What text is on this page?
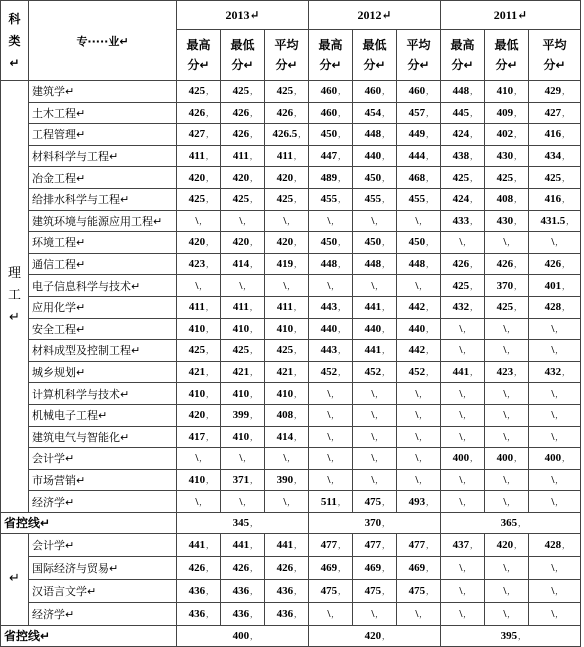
科
类↵	专·····业↵	2013↵			2012↵			2011↵		
		最高
分↵	最低
分↵	平均
分↵	最高
分↵	最低
分↵	平均
分↵	最高
分↵	最低
分↵	平均
分↵
理
工↵	建筑学↵	425,	425,	425,	460,	460,	460,	448,	410,	429,
	土木工程↵	426,	426,	426,	460,	454,	457,	445,	409,	427,
	工程管理↵	427,	426,	426.5,	450,	448,	449,	424,	402,	416,
	材料科学与工程↵	411,	411,	411,	447,	440,	444,	438,	430,	434,
	冶金工程↵	420,	420,	420,	489,	450,	468,	425,	425,	425,
	给排水科学与工程↵	425,	425,	425,	455,	455,	455,	424,	408,	416,
	建筑环境与能源应用工程↵	\,	\,	\,	\,	\,	\,	433,	430,	431.5,
	环境工程↵	420,	420,	420,	450,	450,	450,	\,	\,	\,
	通信工程↵	423,	414,	419,	448,	448,	448,	426,	426,	426,
	电子信息科学与技术↵	\,	\,	\,	\,	\,	\,	425,	370,	401,
	应用化学↵	411,	411,	411,	443,	441,	442,	432,	425,	428,
	安全工程↵	410,	410,	410,	440,	440,	440,	\,	\,	\,
	材料成型及控制工程↵	425,	425,	425,	443,	441,	442,	\,	\,	\,
	城乡规划↵	421,	421,	421,	452,	452,	452,	441,	423,	432,
	计算机科学与技术↵	410,	410,	410,	\,	\,	\,	\,	\,	\,
	机械电子工程↵	420,	399,	408,	\,	\,	\,	\,	\,	\,
	建筑电气与智能化↵	417,	410,	414,	\,	\,	\,	\,	\,	\,
	会计学↵	\,	\,	\,	\,	\,	\,	400,	400,	400,
	市场营销↵	410,	371,	390,	\,	\,	\,	\,	\,	\,
	经济学↵	\,	\,	\,	511,	475,	493,	\,	\,	\,
省控线↵		345,			370,			365,		
↵	会计学↵	441,	441,	441,	477,	477,	477,	437,	420,	428,
	国际经济与贸易↵	426,	426,	426,	469,	469,	469,	\,	\,	\,
	汉语言文学↵	436,	436,	436,	475,	475,	475,	\,	\,	\,
	经济学↵	436,	436,	436,	\,	\,	\,	\,	\,	\,
省控线↵		400,			420,			395,		
